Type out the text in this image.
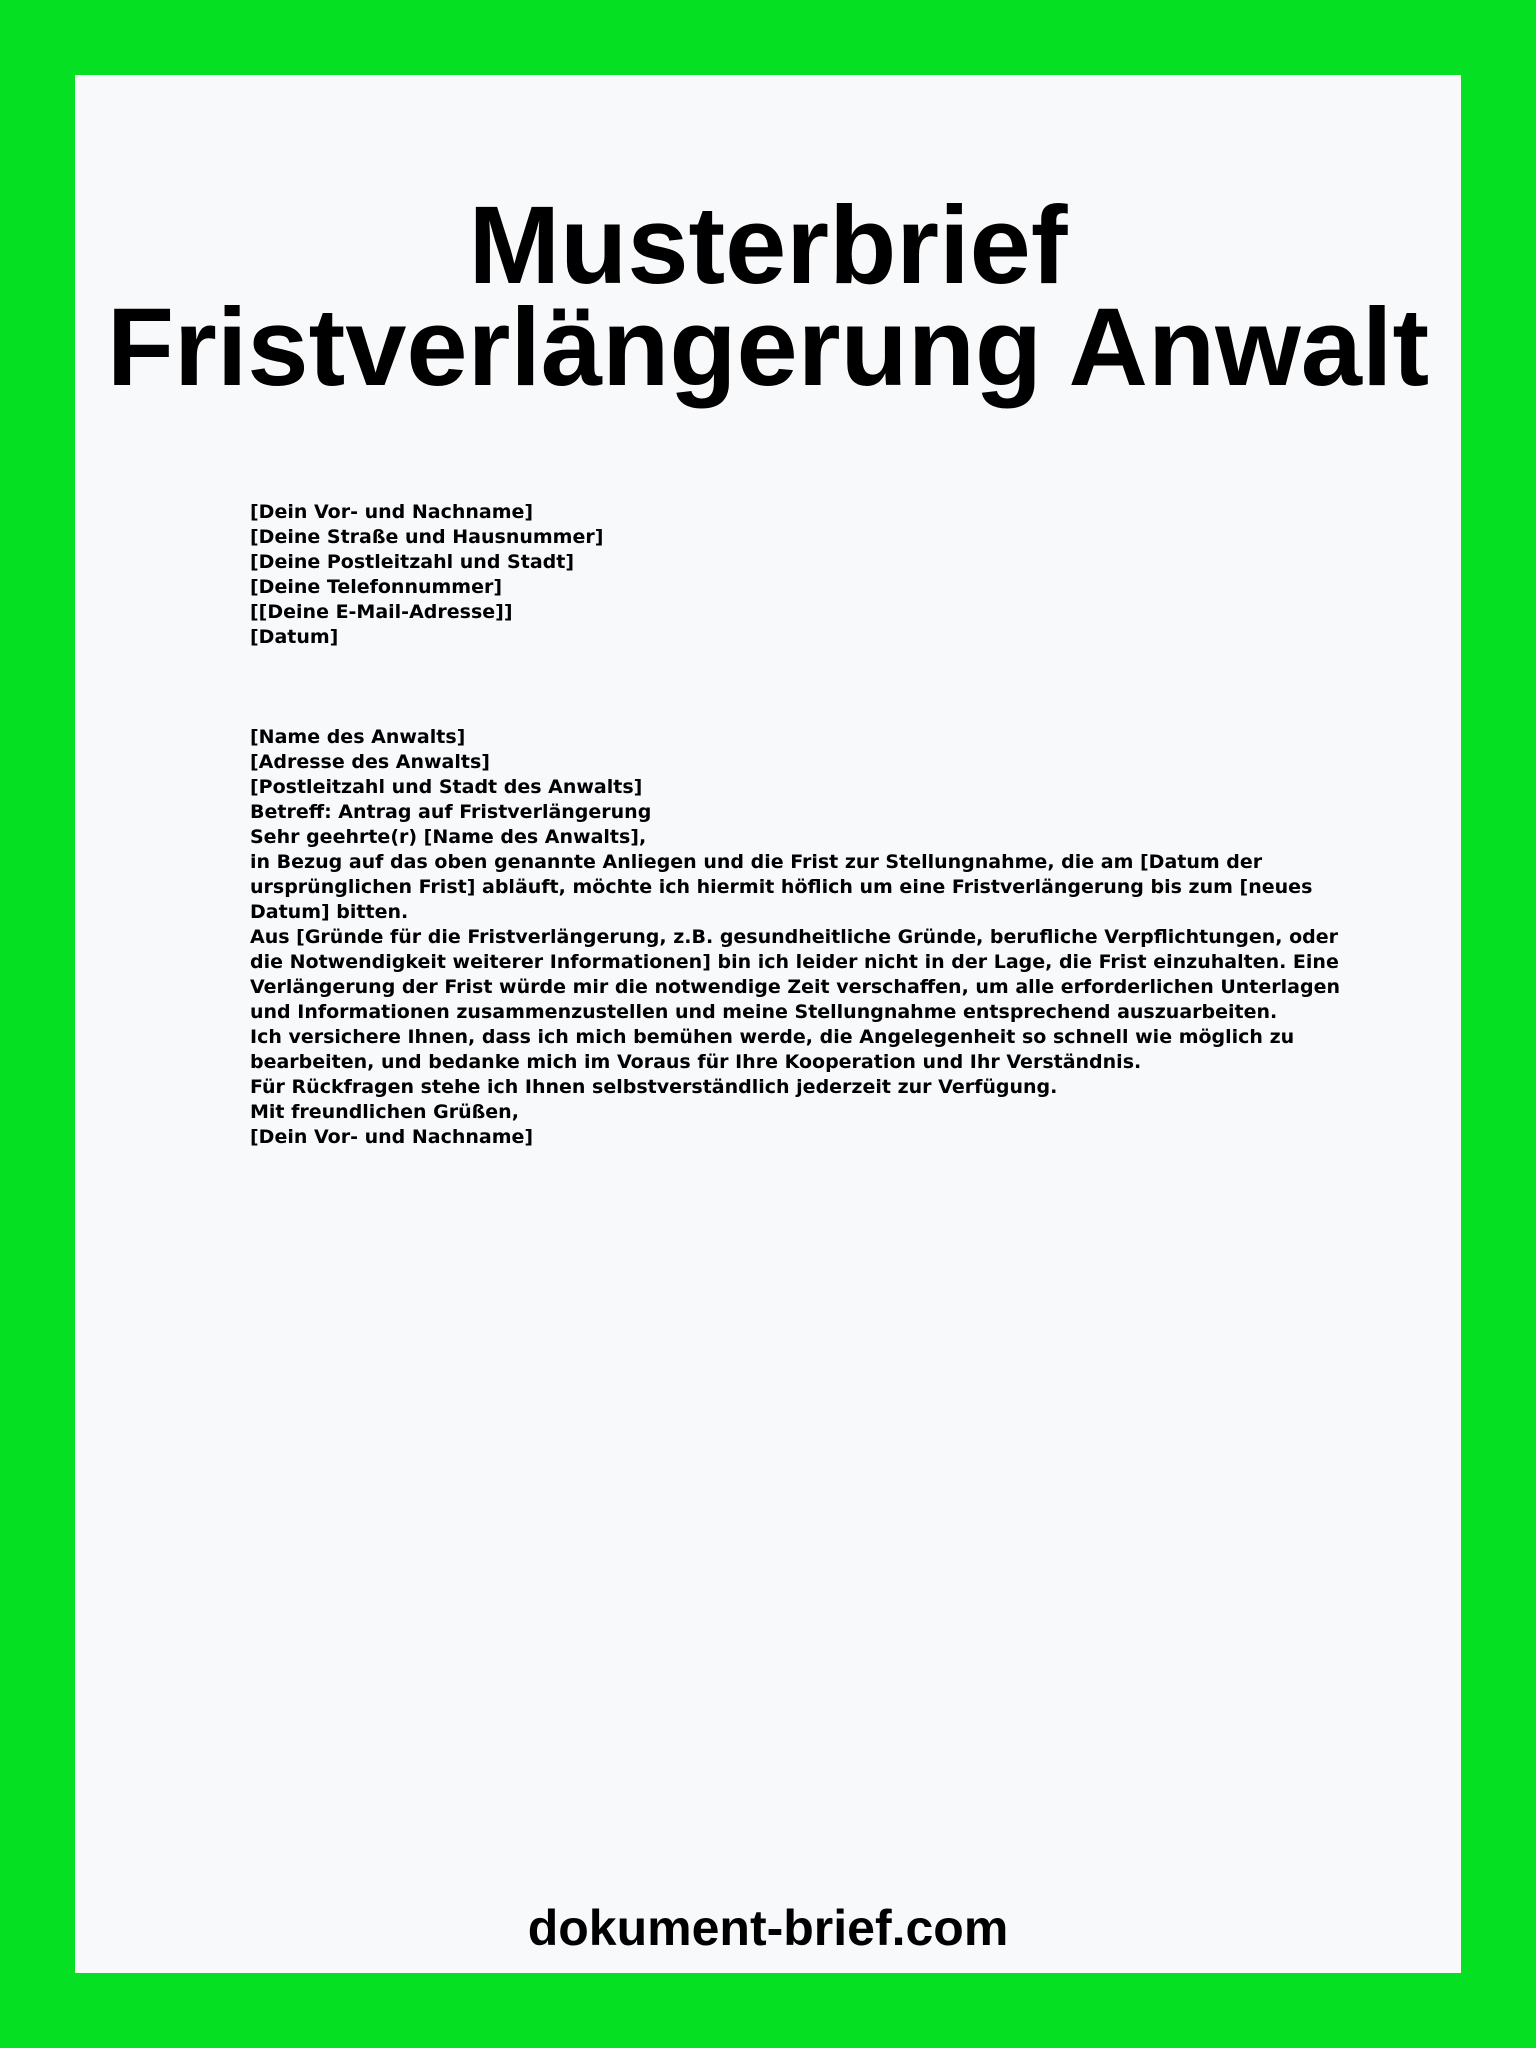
Musterbrief
Fristverlängerung Anwalt

[Dein Vor- und Nachname]
[Deine Straße und Hausnummer]
[Deine Postleitzahl und Stadt]
[Deine Telefonnummer]
[[Deine E-Mail-Adresse]]

[Datum]

[Name des Anwalts]
[Adresse des Anwalts]
[Postleitzahl und Stadt des Anwalts]

Betreff: Antrag auf Fristverlängerung

Sehr geehrte(r) [Name des Anwalts],

in Bezug auf das oben genannte Anliegen und die Frist zur Stellungnahme, die am [Datum der ursprünglichen Frist] abläuft, möchte ich hiermit höflich um eine Fristverlängerung bis zum [neues Datum] bitten.

Aus [Gründe für die Fristverlängerung, z.B. gesundheitliche Gründe, berufliche Verpflichtungen, oder die Notwendigkeit weiterer Informationen] bin ich leider nicht in der Lage, die Frist einzuhalten. Eine Verlängerung der Frist würde mir die notwendige Zeit verschaffen, um alle erforderlichen Unterlagen und Informationen zusammenzustellen und meine Stellungnahme entsprechend auszuarbeiten.

Ich versichere Ihnen, dass ich mich bemühen werde, die Angelegenheit so schnell wie möglich zu bearbeiten, und bedanke mich im Voraus für Ihre Kooperation und Ihr Verständnis.

Für Rückfragen stehe ich Ihnen selbstverständlich jederzeit zur Verfügung.

Mit freundlichen Grüßen,

[Dein Vor- und Nachname]

dokument-brief.com
